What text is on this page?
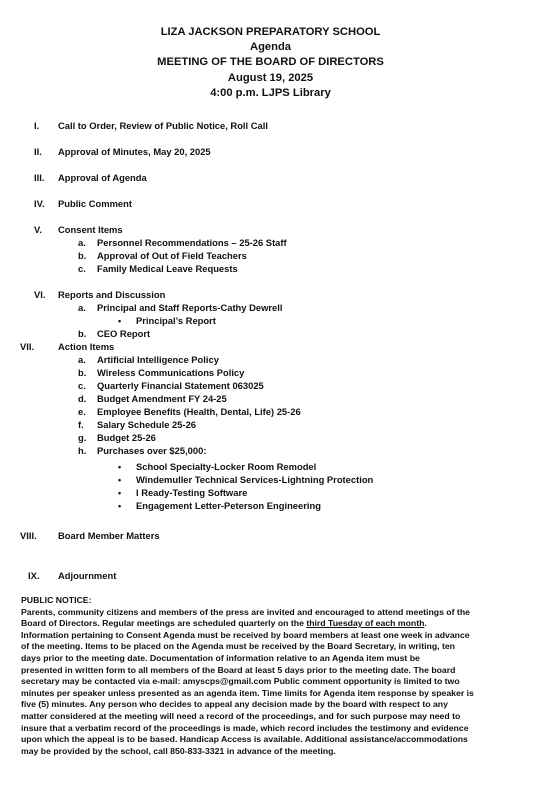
LIZA JACKSON PREPARATORY SCHOOL
Agenda
MEETING OF THE BOARD OF DIRECTORS
August 19, 2025
4:00 p.m. LJPS Library
I. Call to Order, Review of Public Notice, Roll Call
II. Approval of Minutes, May 20, 2025
III. Approval of Agenda
IV. Public Comment
V. Consent Items
a. Personnel Recommendations – 25-26 Staff
b. Approval of Out of Field Teachers
c. Family Medical Leave Requests
VI. Reports and Discussion
a. Principal and Staff Reports-Cathy Dewrell
• Principal’s Report
b. CEO Report
VII.	Action Items
a. Artificial Intelligence Policy
b. Wireless Communications Policy
c. Quarterly Financial Statement 063025
d. Budget Amendment FY 24-25
e. Employee Benefits (Health, Dental, Life) 25-26
f. Salary Schedule 25-26
g. Budget 25-26
h. Purchases over $25,000:
• School Specialty-Locker Room Remodel
• Windemuller Technical Services-Lightning Protection
• I Ready-Testing Software
• Engagement Letter-Peterson Engineering
VIII. Board Member Matters
IX. Adjournment
PUBLIC NOTICE:
Parents, community citizens and members of the press are invited and encouraged to attend meetings of the
Board of Directors. Regular meetings are scheduled quarterly on the third Tuesday of each month.
Information pertaining to Consent Agenda must be received by board members at least one week in advance
of the meeting. Items to be placed on the Agenda must be received by the Board Secretary, in writing, ten
days prior to the meeting date. Documentation of information relative to an Agenda item must be
presented in written form to all members of the Board at least 5 days prior to the meeting date. The board
secretary may be contacted via e-mail: amyscps@gmail.com Public comment opportunity is limited to two
minutes per speaker unless presented as an agenda item. Time limits for Agenda item response by speaker is
five (5) minutes. Any person who decides to appeal any decision made by the board with respect to any
matter considered at the meeting will need a record of the proceedings, and for such purpose may need to
insure that a verbatim record of the proceedings is made, which record includes the testimony and evidence
upon which the appeal is to be based. Handicap Access is available. Additional assistance/accommodations
may be provided by the school, call 850-833-3321 in advance of the meeting.
